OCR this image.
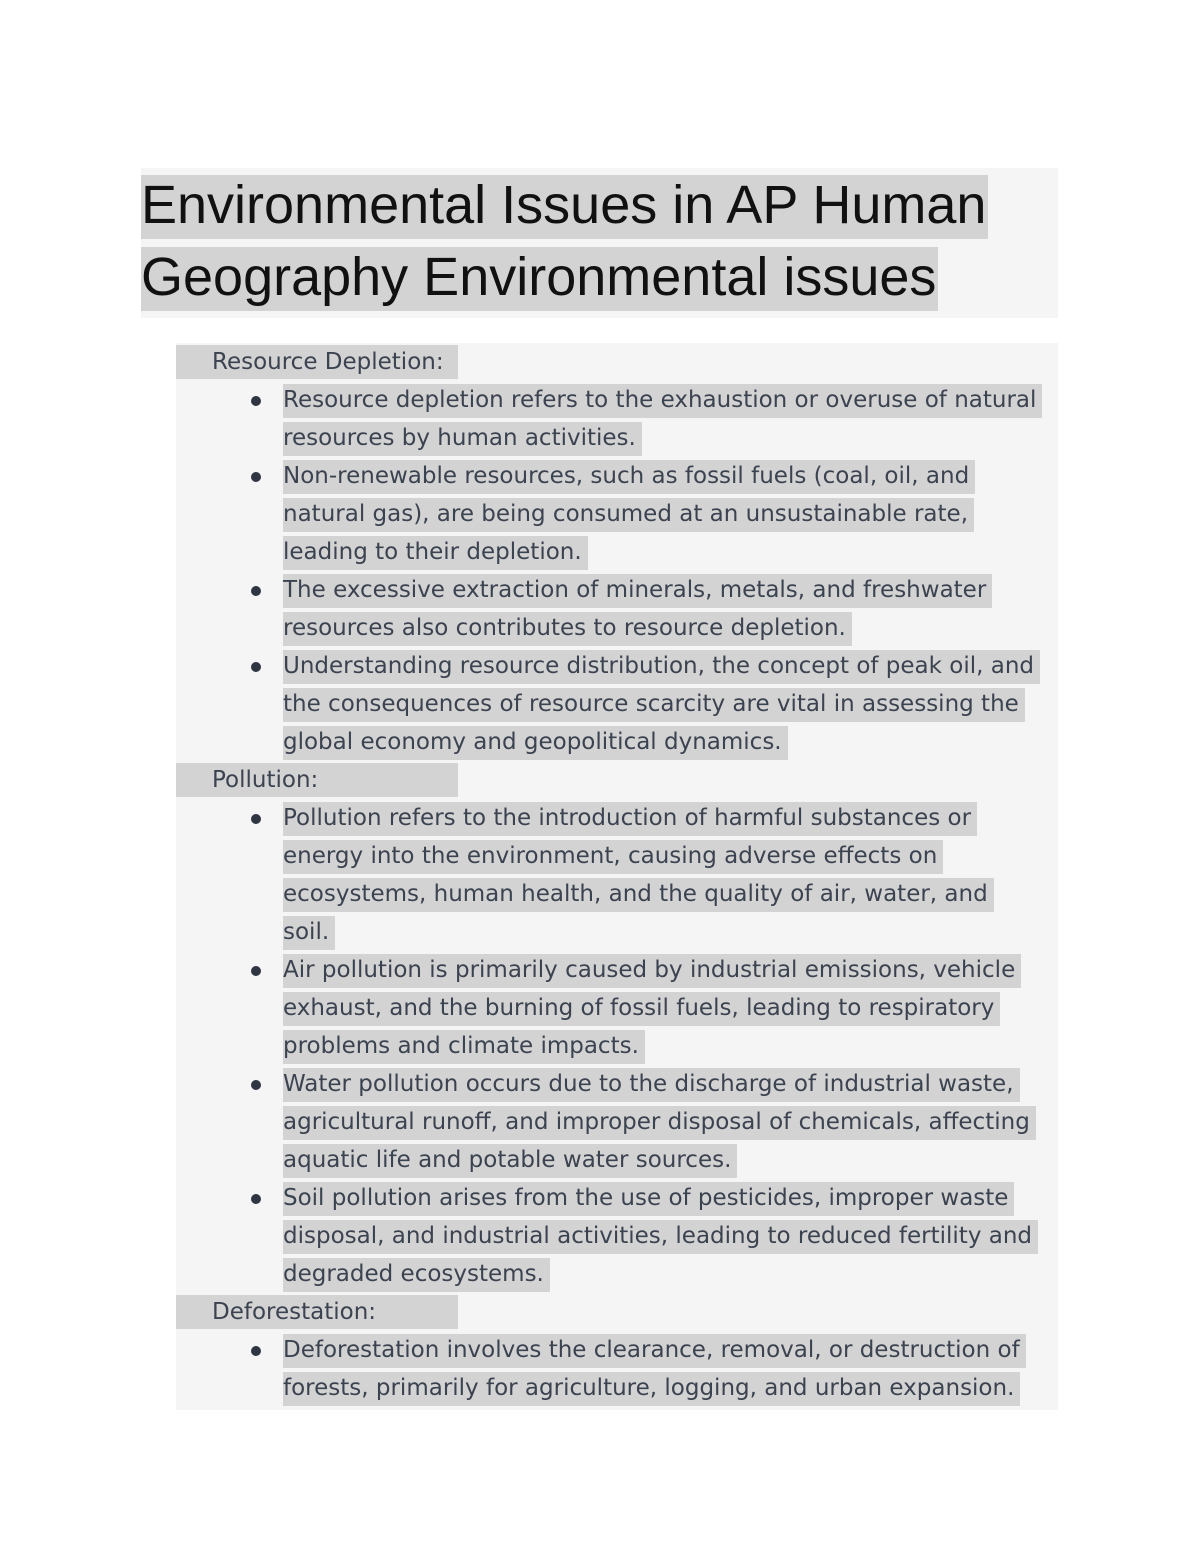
Environmental Issues in AP Human Geography Environmental issues
Resource Depletion:
Resource depletion refers to the exhaustion or overuse of natural resources by human activities.
Non-renewable resources, such as fossil fuels (coal, oil, and natural gas), are being consumed at an unsustainable rate, leading to their depletion.
The excessive extraction of minerals, metals, and freshwater resources also contributes to resource depletion.
Understanding resource distribution, the concept of peak oil, and the consequences of resource scarcity are vital in assessing the global economy and geopolitical dynamics.
Pollution:
Pollution refers to the introduction of harmful substances or energy into the environment, causing adverse effects on ecosystems, human health, and the quality of air, water, and soil.
Air pollution is primarily caused by industrial emissions, vehicle exhaust, and the burning of fossil fuels, leading to respiratory problems and climate impacts.
Water pollution occurs due to the discharge of industrial waste, agricultural runoff, and improper disposal of chemicals, affecting aquatic life and potable water sources.
Soil pollution arises from the use of pesticides, improper waste disposal, and industrial activities, leading to reduced fertility and degraded ecosystems.
Deforestation:
Deforestation involves the clearance, removal, or destruction of forests, primarily for agriculture, logging, and urban expansion.
